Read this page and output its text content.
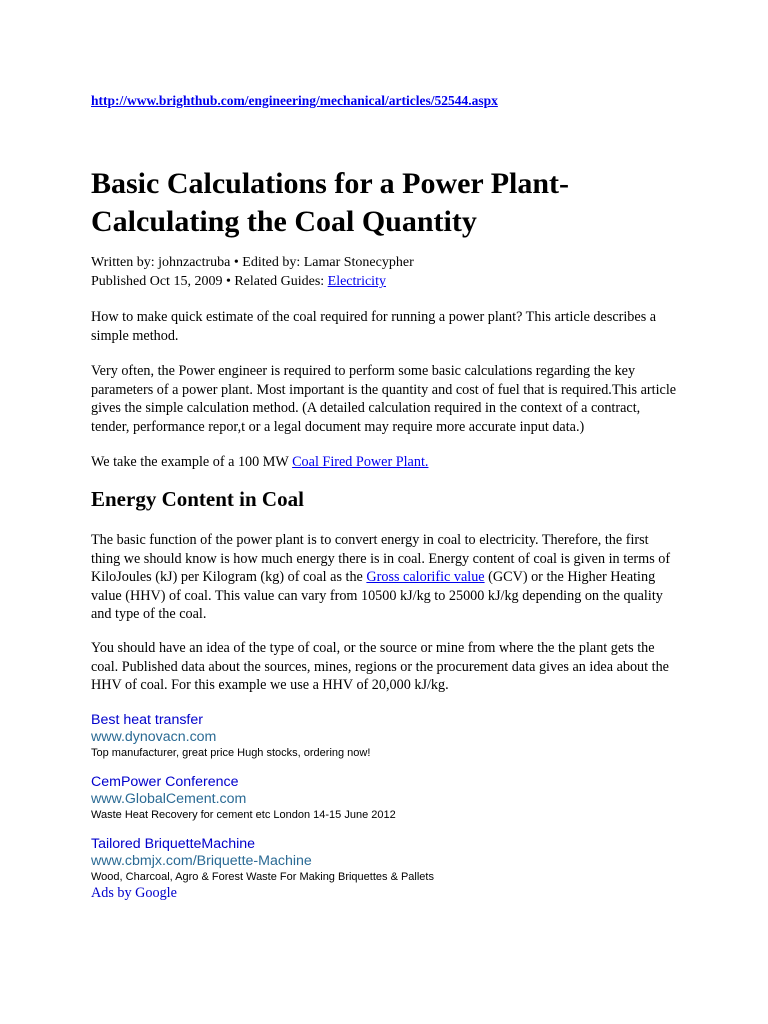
http://www.brighthub.com/engineering/mechanical/articles/52544.aspx
Basic Calculations for a Power Plant-
Calculating the Coal Quantity
Written by: johnzactruba • Edited by: Lamar Stonecypher
Published Oct 15, 2009 • Related Guides: Electricity

How to make quick estimate of the coal required for running a power plant? This article describes a simple method.

Very often, the Power engineer is required to perform some basic calculations regarding the key parameters of a power plant. Most important is the quantity and cost of fuel that is required.This article gives the simple calculation method. (A detailed calculation required in the context of a contract, tender, performance repor,t or a legal document may require more accurate input data.)

We take the example of a 100 MW Coal Fired Power Plant.

Energy Content in Coal

The basic function of the power plant is to convert energy in coal to electricity. Therefore, the first thing we should know is how much energy there is in coal. Energy content of coal is given in terms of KiloJoules (kJ) per Kilogram (kg) of coal as the Gross calorific value (GCV) or the Higher Heating value (HHV) of coal. This value can vary from 10500 kJ/kg to 25000 kJ/kg depending on the quality and type of the coal.

You should have an idea of the type of coal, or the source or mine from where the the plant gets the coal. Published data about the sources, mines, regions or the procurement data gives an idea about the HHV of coal. For this example we use a HHV of 20,000 kJ/kg.

Best heat transfer
www.dynovacn.com
Top manufacturer, great price Hugh stocks, ordering now!
CemPower Conference
www.GlobalCement.com
Waste Heat Recovery for cement etc London 14-15 June 2012
Tailored BriquetteMachine
www.cbmjx.com/Briquette-Machine
Wood, Charcoal, Agro & Forest Waste For Making Briquettes & Pallets
Ads by Google
